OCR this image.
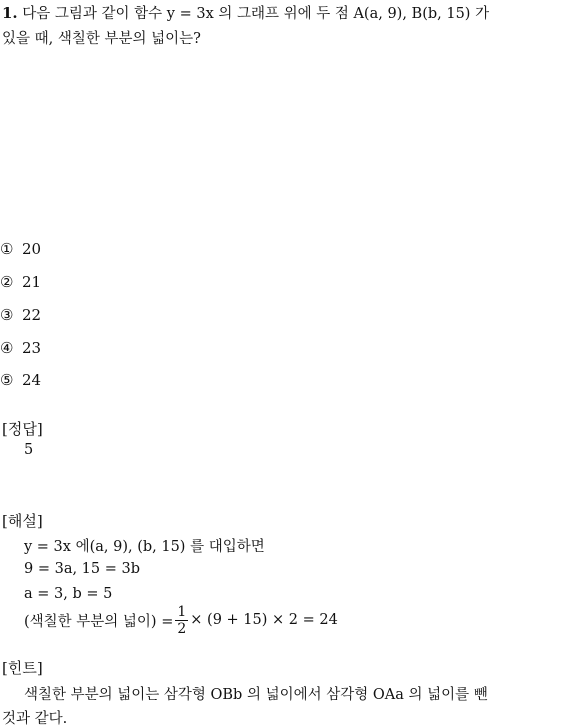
1. 다음 그림과 같이 함수 y = 3x 의 그래프 위에 두 점 A(a, 9), B(b, 15) 가
있을 때, 색칠한 부분의 넓이는?
① 20
② 21
③ 22
④ 23
⑤ 24
[정답]
5
[해설]
y = 3x 에(a, 9), (b, 15) 를 대입하면
9 = 3a, 15 = 3b
a = 3, b = 5
(색칠한 부분의 넓이) = $\frac{1}{2} \times (9 + 15) \times 2 = 24$
[힌트]
색칠한 부분의 넓이는 삼각형 OBb 의 넓이에서 삼각형 OAa 의 넓이를 뺀
것과 같다.
